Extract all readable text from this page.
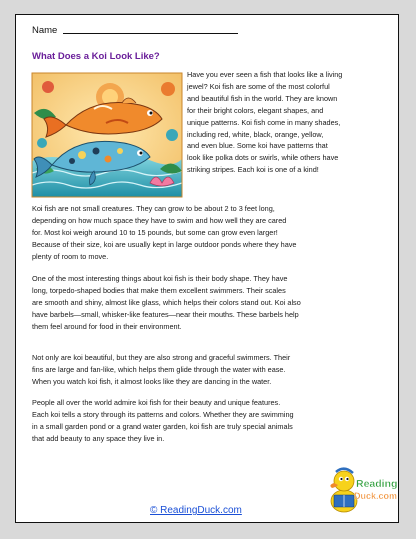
Name
What Does a Koi Look Like?

Have you ever seen a fish that looks like a living
jewel? Koi fish are some of the most colorful
and beautiful fish in the world. They are known
for their bright colors, elegant shapes, and
unique patterns. Koi fish come in many shades,
including red, white, black, orange, yellow,
and even blue. Some koi have patterns that
look like polka dots or swirls, while others have
striking stripes. Each koi is one of a kind!

Koi fish are not small creatures. They can grow to be about 2 to 3 feet long,
depending on how much space they have to swim and how well they are cared
for. Most koi weigh around 10 to 15 pounds, but some can grow even larger!
Because of their size, koi are usually kept in large outdoor ponds where they have
plenty of room to move.

One of the most interesting things about koi fish is their body shape. They have
long, torpedo-shaped bodies that make them excellent swimmers. Their scales
are smooth and shiny, almost like glass, which helps their colors stand out. Koi also
have barbels—small, whisker-like features—near their mouths. These barbels help
them feel around for food in their environment.

Not only are koi beautiful, but they are also strong and graceful swimmers. Their
fins are large and fan-like, which helps them glide through the water with ease.
When you watch koi fish, it almost looks like they are dancing in the water.

People all over the world admire koi fish for their beauty and unique features.
Each koi tells a story through its patterns and colors. Whether they are swimming
in a small garden pond or a grand water garden, koi fish are truly special animals
that add beauty to any space they live in.

Reading
Duck.com
© ReadingDuck.com
